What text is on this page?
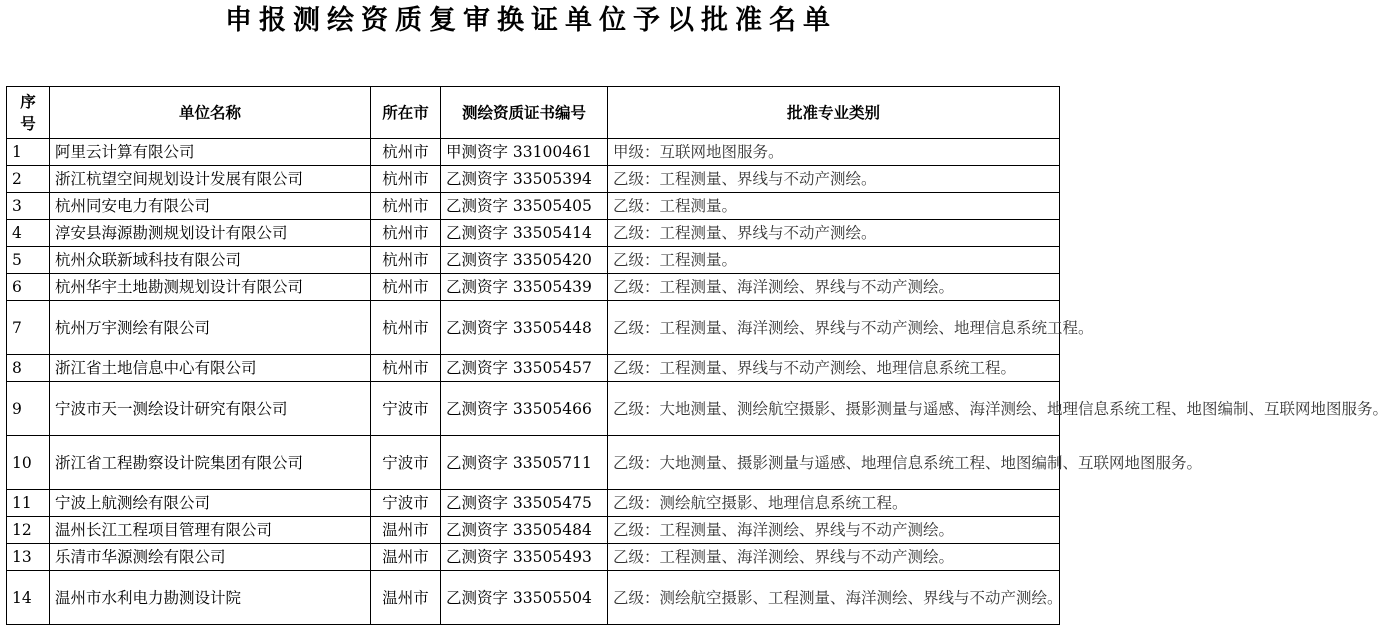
申报测绘资质复审换证单位予以批准名单
序
号	单位名称	所在市	测绘资质证书编号	批准专业类别
1	阿里云计算有限公司	杭州市	甲测资字 33100461	甲级：互联网地图服务。
2	浙江杭望空间规划设计发展有限公司	杭州市	乙测资字 33505394	乙级：工程测量、界线与不动产测绘。
3	杭州同安电力有限公司	杭州市	乙测资字 33505405	乙级：工程测量。
4	淳安县海源勘测规划设计有限公司	杭州市	乙测资字 33505414	乙级：工程测量、界线与不动产测绘。
5	杭州众联新域科技有限公司	杭州市	乙测资字 33505420	乙级：工程测量。
6	杭州华宇土地勘测规划设计有限公司	杭州市	乙测资字 33505439	乙级：工程测量、海洋测绘、界线与不动产测绘。
7	杭州万宇测绘有限公司	杭州市	乙测资字 33505448	乙级：工程测量、海洋测绘、界线与不动产测绘、地理信息系统工程。
8	浙江省土地信息中心有限公司	杭州市	乙测资字 33505457	乙级：工程测量、界线与不动产测绘、地理信息系统工程。
9	宁波市天一测绘设计研究有限公司	宁波市	乙测资字 33505466	乙级：大地测量、测绘航空摄影、摄影测量与遥感、海洋测绘、地理信息系统工程、地图编制、互联网地图服务。
10	浙江省工程勘察设计院集团有限公司	宁波市	乙测资字 33505711	乙级：大地测量、摄影测量与遥感、地理信息系统工程、地图编制、互联网地图服务。
11	宁波上航测绘有限公司	宁波市	乙测资字 33505475	乙级：测绘航空摄影、地理信息系统工程。
12	温州长江工程项目管理有限公司	温州市	乙测资字 33505484	乙级：工程测量、海洋测绘、界线与不动产测绘。
13	乐清市华源测绘有限公司	温州市	乙测资字 33505493	乙级：工程测量、海洋测绘、界线与不动产测绘。
14	温州市水利电力勘测设计院	温州市	乙测资字 33505504	乙级：测绘航空摄影、工程测量、海洋测绘、界线与不动产测绘。
